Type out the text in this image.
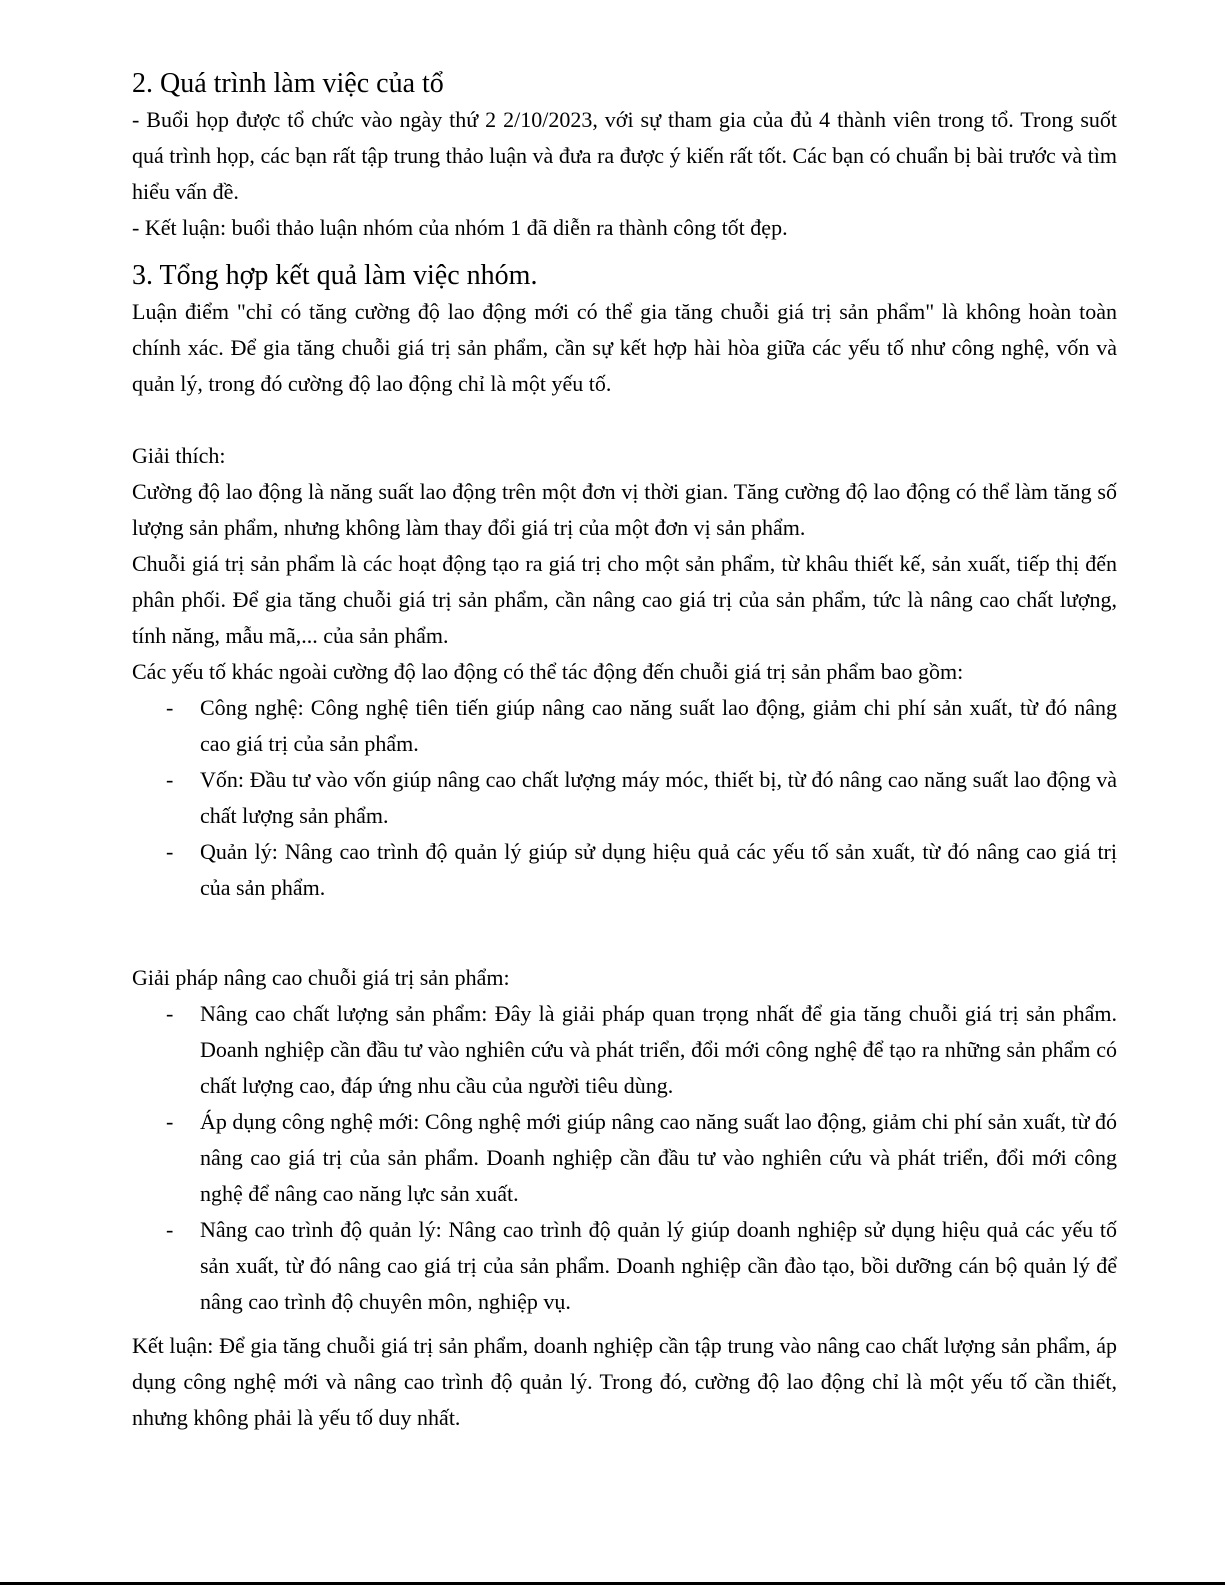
2. Quá trình làm việc của tổ

- Buổi họp được tổ chức vào ngày thứ 2 2/10/2023, với sự tham gia của đủ 4 thành viên trong tổ. Trong suốt quá trình họp, các bạn rất tập trung thảo luận và đưa ra được ý kiến rất tốt. Các bạn có chuẩn bị bài trước và tìm hiểu vấn đề.

- Kết luận: buổi thảo luận nhóm của nhóm 1 đã diễn ra thành công tốt đẹp.

3. Tổng hợp kết quả làm việc nhóm.

Luận điểm "chỉ có tăng cường độ lao động mới có thể gia tăng chuỗi giá trị sản phẩm" là không hoàn toàn chính xác. Để gia tăng chuỗi giá trị sản phẩm, cần sự kết hợp hài hòa giữa các yếu tố như công nghệ, vốn và quản lý, trong đó cường độ lao động chỉ là một yếu tố.

Giải thích:

Cường độ lao động là năng suất lao động trên một đơn vị thời gian. Tăng cường độ lao động có thể làm tăng số lượng sản phẩm, nhưng không làm thay đổi giá trị của một đơn vị sản phẩm.

Chuỗi giá trị sản phẩm là các hoạt động tạo ra giá trị cho một sản phẩm, từ khâu thiết kế, sản xuất, tiếp thị đến phân phối. Để gia tăng chuỗi giá trị sản phẩm, cần nâng cao giá trị của sản phẩm, tức là nâng cao chất lượng, tính năng, mẫu mã,... của sản phẩm.

Các yếu tố khác ngoài cường độ lao động có thể tác động đến chuỗi giá trị sản phẩm bao gồm:

- Công nghệ: Công nghệ tiên tiến giúp nâng cao năng suất lao động, giảm chi phí sản xuất, từ đó nâng cao giá trị của sản phẩm.
- Vốn: Đầu tư vào vốn giúp nâng cao chất lượng máy móc, thiết bị, từ đó nâng cao năng suất lao động và chất lượng sản phẩm.
- Quản lý: Nâng cao trình độ quản lý giúp sử dụng hiệu quả các yếu tố sản xuất, từ đó nâng cao giá trị của sản phẩm.

Giải pháp nâng cao chuỗi giá trị sản phẩm:

- Nâng cao chất lượng sản phẩm: Đây là giải pháp quan trọng nhất để gia tăng chuỗi giá trị sản phẩm. Doanh nghiệp cần đầu tư vào nghiên cứu và phát triển, đổi mới công nghệ để tạo ra những sản phẩm có chất lượng cao, đáp ứng nhu cầu của người tiêu dùng.
- Áp dụng công nghệ mới: Công nghệ mới giúp nâng cao năng suất lao động, giảm chi phí sản xuất, từ đó nâng cao giá trị của sản phẩm. Doanh nghiệp cần đầu tư vào nghiên cứu và phát triển, đổi mới công nghệ để nâng cao năng lực sản xuất.
- Nâng cao trình độ quản lý: Nâng cao trình độ quản lý giúp doanh nghiệp sử dụng hiệu quả các yếu tố sản xuất, từ đó nâng cao giá trị của sản phẩm. Doanh nghiệp cần đào tạo, bồi dưỡng cán bộ quản lý để nâng cao trình độ chuyên môn, nghiệp vụ.

Kết luận: Để gia tăng chuỗi giá trị sản phẩm, doanh nghiệp cần tập trung vào nâng cao chất lượng sản phẩm, áp dụng công nghệ mới và nâng cao trình độ quản lý. Trong đó, cường độ lao động chỉ là một yếu tố cần thiết, nhưng không phải là yếu tố duy nhất.
